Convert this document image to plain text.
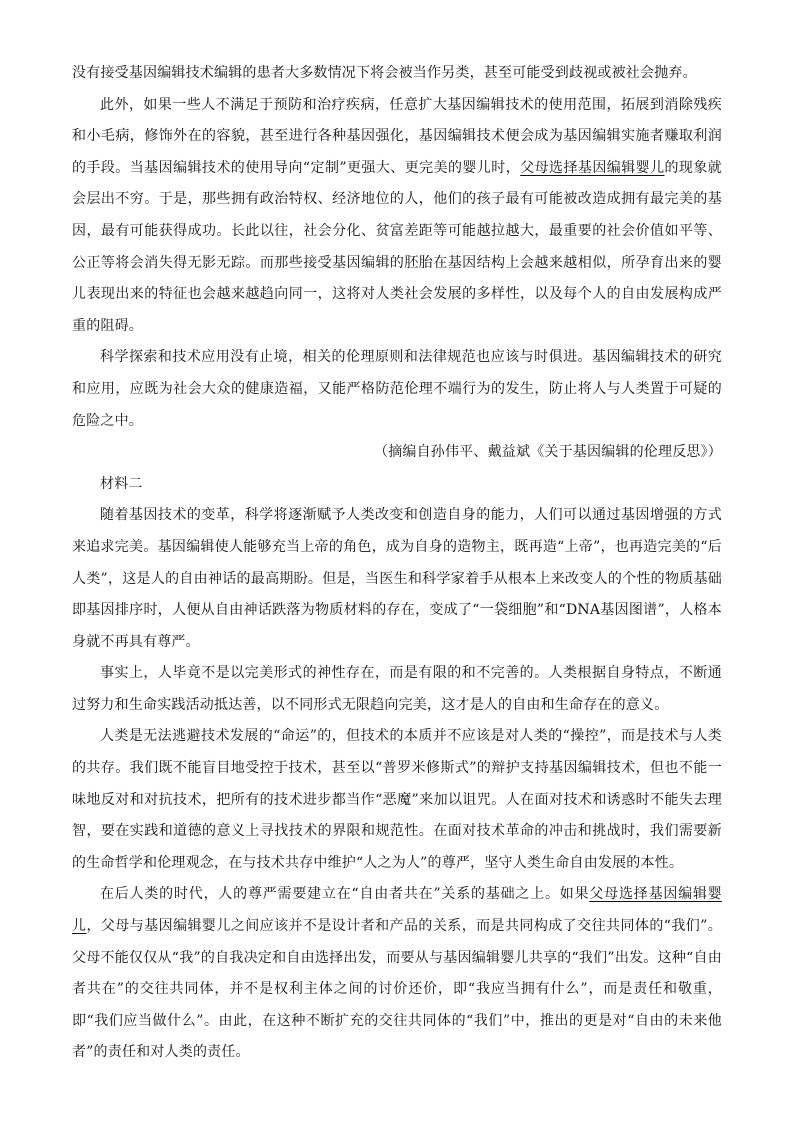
没有接受基因编辑技术编辑的患者大多数情况下将会被当作另类，甚至可能受到歧视或被社会抛弃。

此外，如果一些人不满足于预防和治疗疾病，任意扩大基因编辑技术的使用范围，拓展到消除残疾和小毛病，修饰外在的容貌，甚至进行各种基因强化，基因编辑技术便会成为基因编辑实施者赚取利润的手段。当基因编辑技术的使用导向“定制”更强大、更完美的婴儿时，父母选择基因编辑婴儿的现象就会层出不穷。于是，那些拥有政治特权、经济地位的人，他们的孩子最有可能被改造成拥有最完美的基因，最有可能获得成功。长此以往，社会分化、贫富差距等可能越拉越大，最重要的社会价值如平等、公正等将会消失得无影无踪。而那些接受基因编辑的胚胎在基因结构上会越来越相似，所孕育出来的婴儿表现出来的特征也会越来越趋向同一，这将对人类社会发展的多样性，以及每个人的自由发展构成严重的阻碍。

科学探索和技术应用没有止境，相关的伦理原则和法律规范也应该与时俱进。基因编辑技术的研究和应用，应既为社会大众的健康造福，又能严格防范伦理不端行为的发生，防止将人与人类置于可疑的危险之中。

（摘编自孙伟平、戴益斌《关于基因编辑的伦理反思》）

材料二

随着基因技术的变革，科学将逐渐赋予人类改变和创造自身的能力，人们可以通过基因增强的方式来追求完美。基因编辑使人能够充当上帝的角色，成为自身的造物主，既再造“上帝”，也再造完美的“后人类”，这是人的自由神话的最高期盼。但是，当医生和科学家着手从根本上来改变人的个性的物质基础即基因排序时，人便从自由神话跌落为物质材料的存在，变成了“一袋细胞”和“DNA基因图谱”，人格本身就不再具有尊严。

事实上，人毕竟不是以完美形式的神性存在，而是有限的和不完善的。人类根据自身特点，不断通过努力和生命实践活动抵达善，以不同形式无限趋向完美，这才是人的自由和生命存在的意义。

人类是无法逃避技术发展的“命运”的，但技术的本质并不应该是对人类的“操控”，而是技术与人类的共存。我们既不能盲目地受控于技术，甚至以“普罗米修斯式”的辩护支持基因编辑技术，但也不能一味地反对和对抗技术，把所有的技术进步都当作“恶魔”来加以诅咒。人在面对技术和诱惑时不能失去理智，要在实践和道德的意义上寻找技术的界限和规范性。在面对技术革命的冲击和挑战时，我们需要新的生命哲学和伦理观念，在与技术共存中维护“人之为人”的尊严，坚守人类生命自由发展的本性。

在后人类的时代，人的尊严需要建立在“自由者共在”关系的基础之上。如果父母选择基因编辑婴儿，父母与基因编辑婴儿之间应该并不是设计者和产品的关系，而是共同构成了交往共同体的“我们”。父母不能仅仅从“我”的自我决定和自由选择出发，而要从与基因编辑婴儿共享的“我们”出发。这种“自由者共在”的交往共同体，并不是权利主体之间的讨价还价，即“我应当拥有什么”，而是责任和敬重，即“我们应当做什么”。由此，在这种不断扩充的交往共同体的“我们”中，推出的更是对“自由的未来他者”的责任和对人类的责任。
